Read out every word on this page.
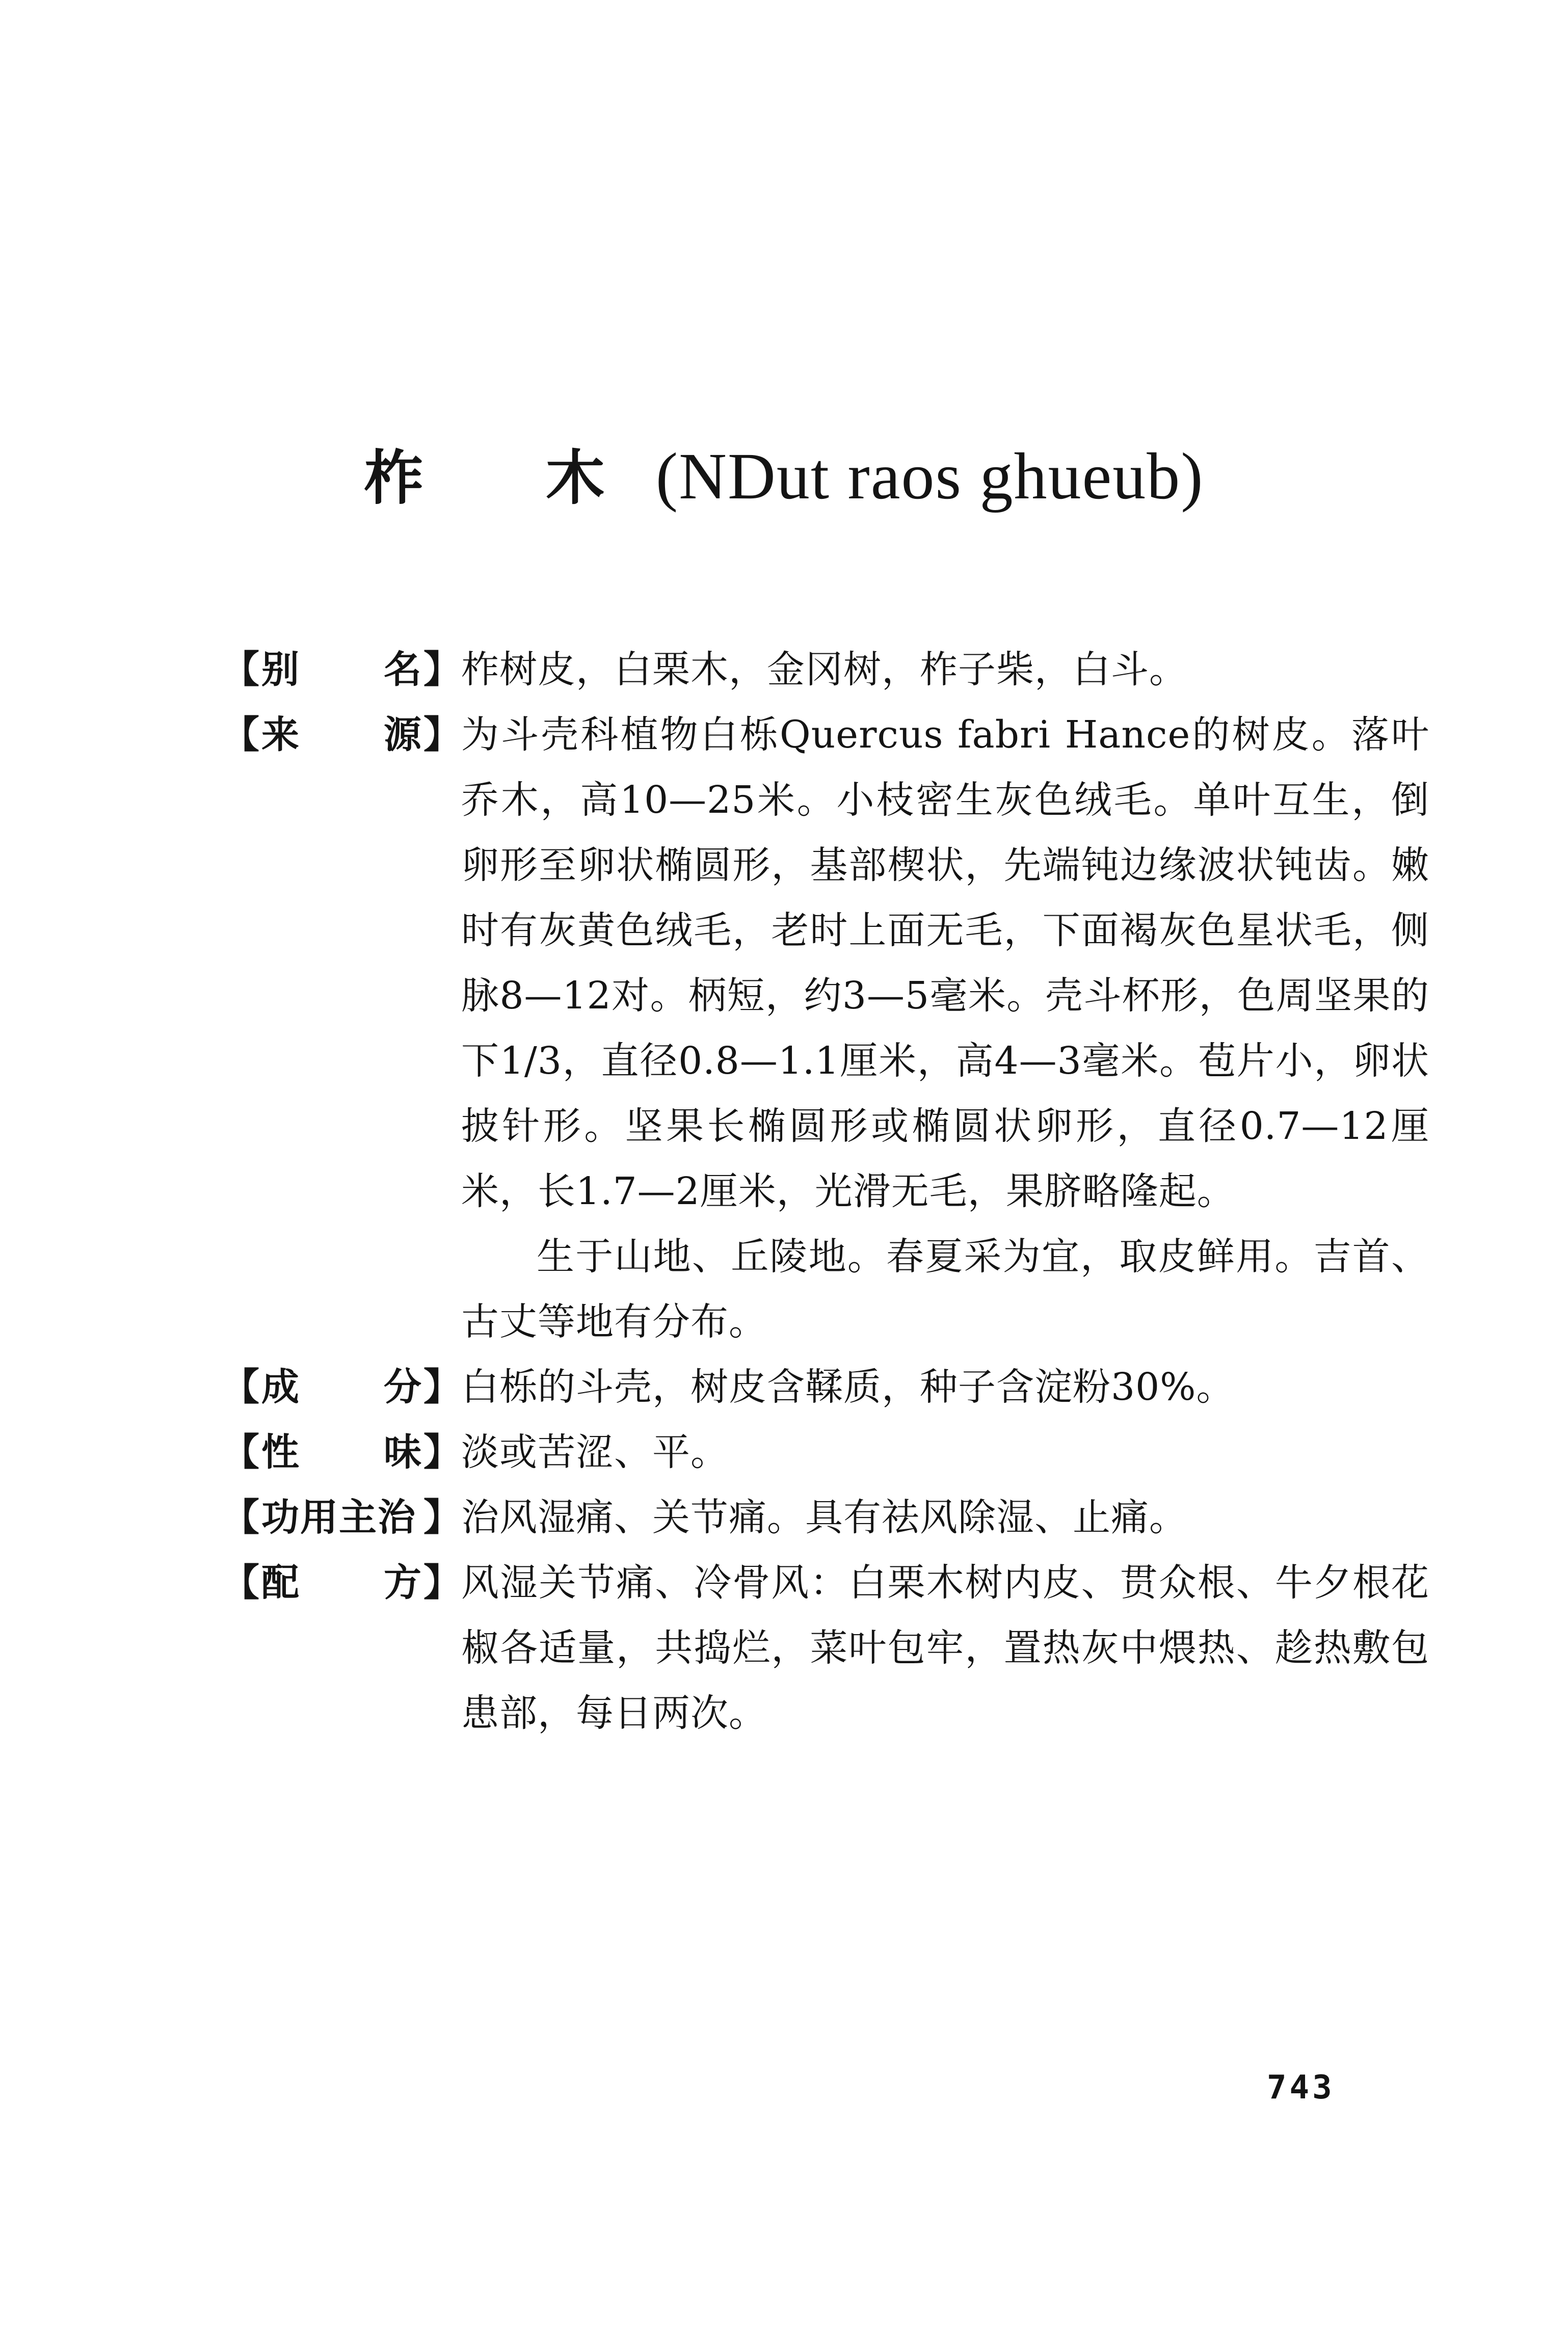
柞 木(NDut raos ghueub)
【 别 名 】 柞树皮，白栗木，金冈树，柞子柴，白斗。

【 来 源 】 为斗壳科植物白栎Quercus fabri Hance的树皮。落叶乔木，高10—25米。小枝密生灰色绒毛。单叶互生，倒卵形至卵状椭圆形，基部楔状，先端钝边缘波状钝齿。嫩时有灰黄色绒毛，老时上面无毛，下面褐灰色星状毛，侧脉8—12对。柄短，约3—5毫米。壳斗杯形，色周坚果的下1/3，直径0.8—1.1厘米，高4—3毫米。苞片小，卵状披针形。坚果长椭圆形或椭圆状卵形，直径0.7—12厘米，长1.7—2厘米，光滑无毛，果脐略隆起。

生于山地、丘陵地。春夏采为宜，取皮鲜用。吉首、古丈等地有分布。

【 成 分 】 白栎的斗壳，树皮含鞣质，种子含淀粉30%。

【 性 味 】 淡或苦涩、平。

【 功用主治 】 治风湿痛、关节痛。具有祛风除湿、止痛。

【 配 方 】 风湿关节痛、冷骨风：白栗木树内皮、贯众根、牛夕根花椒各适量，共捣烂，菜叶包牢，置热灰中煨热、趁热敷包患部，每日两次。

743
